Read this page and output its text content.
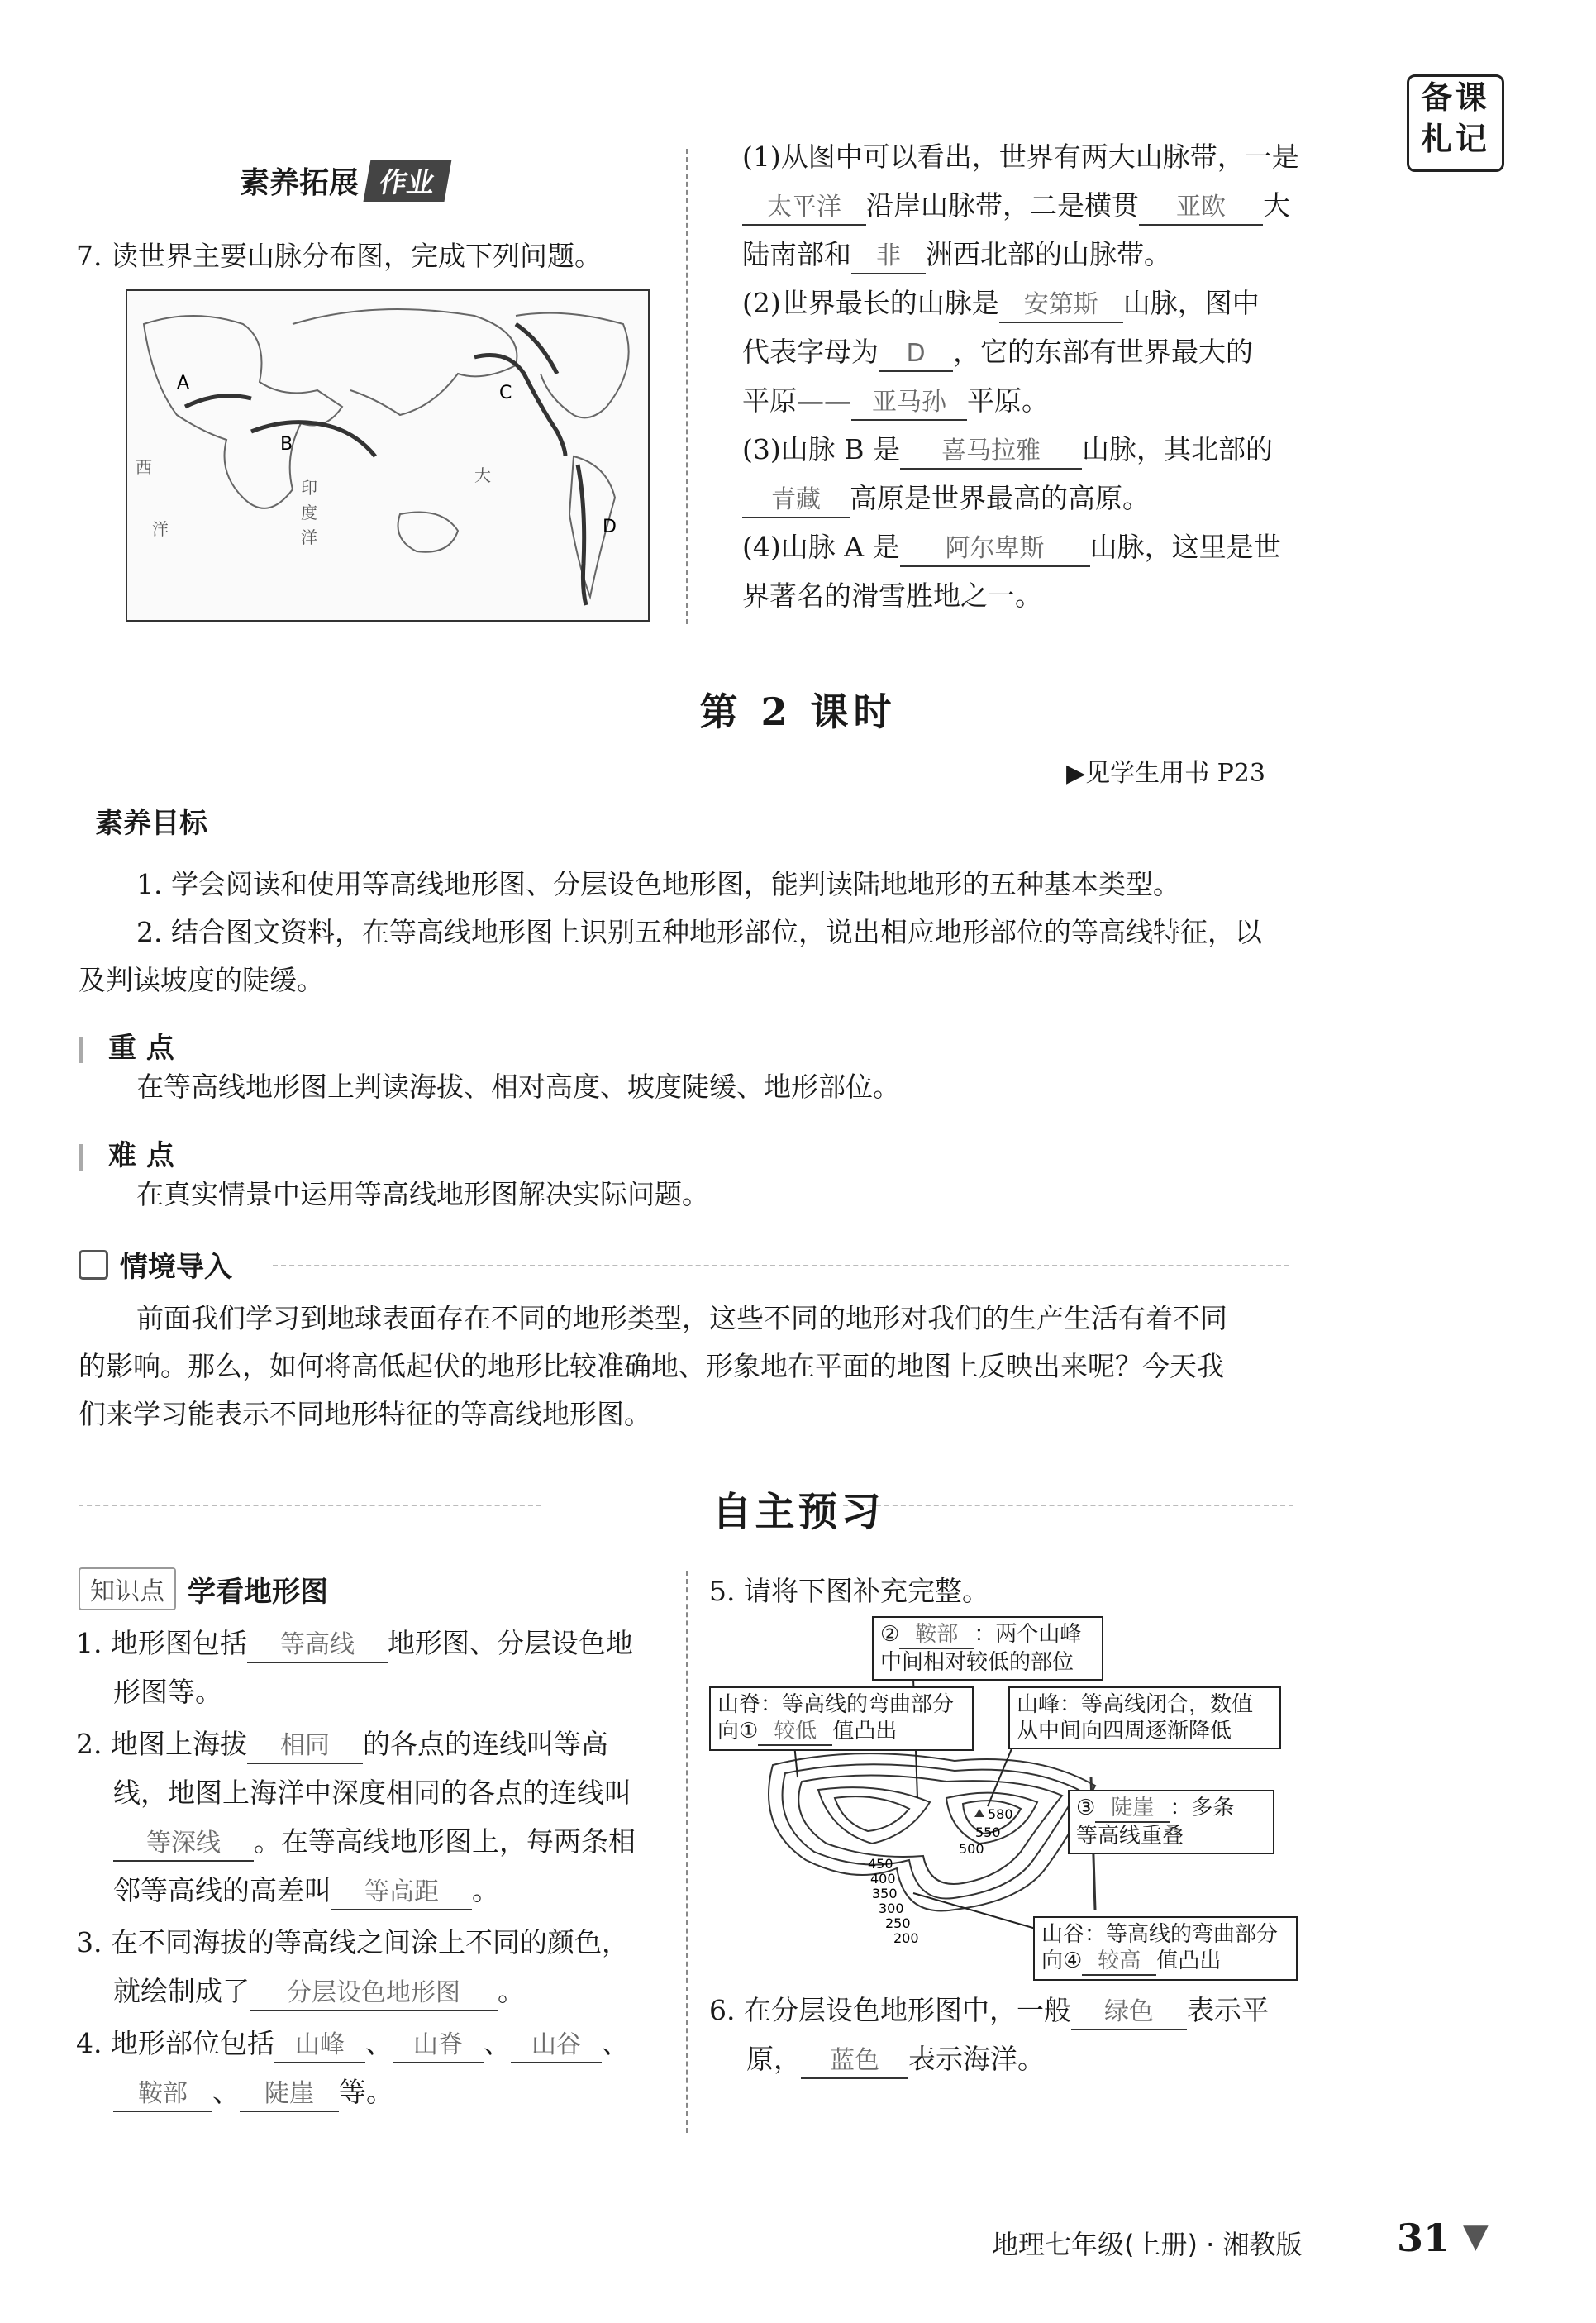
备课
札记
素养拓展 作业
7. 读世界主要山脉分布图，完成下列问题。
A
B
C
D
西
印
度
洋
大
洋
(1)从图中可以看出，世界有两大山脉带，一是
太平洋 沿岸山脉带，二是横贯 亚欧 大
陆南部和 非 洲西北部的山脉带。
(2)世界最长的山脉是 安第斯 山脉，图中
代表字母为 D ，它的东部有世界最大的
平原—— 亚马孙 平原。
(3)山脉 B 是 喜马拉雅 山脉，其北部的
青藏 高原是世界最高的高原。
(4)山脉 A 是 阿尔卑斯 山脉，这里是世
界著名的滑雪胜地之一。
第 2 课时
▶见学生用书 P23
素养目标
1. 学会阅读和使用等高线地形图、分层设色地形图，能判读陆地地形的五种基本类型。
2. 结合图文资料，在等高线地形图上识别五种地形部位，说出相应地形部位的等高线特征，以
及判读坡度的陡缓。
重 点
在等高线地形图上判读海拔、相对高度、坡度陡缓、地形部位。
难 点
在真实情景中运用等高线地形图解决实际问题。
情境导入
前面我们学习到地球表面存在不同的地形类型，这些不同的地形对我们的生产生活有着不同
的影响。那么，如何将高低起伏的地形比较准确地、形象地在平面的地图上反映出来呢？今天我
们来学习能表示不同地形特征的等高线地形图。
自主预习
知识点 学看地形图
1. 地形图包括 等高线 地形图、分层设色地
形图等。
2. 地图上海拔 相同 的各点的连线叫等高
线，地图上海洋中深度相同的各点的连线叫
等深线 。在等高线地形图上，每两条相
邻等高线的高差叫 等高距 。
3. 在不同海拔的等高线之间涂上不同的颜色，
就绘制成了 分层设色地形图 。
4. 地形部位包括 山峰 、 山脊 、 山谷 、
鞍部 、 陡崖 等。
5. 请将下图补充完整。
580
550
500
450
400
350
300
250
200
② 鞍部 ：两个山峰
中间相对较低的部位
山脊：等高线的弯曲部分
向① 较低 值凸出
山峰：等高线闭合，数值
从中间向四周逐渐降低
③ 陡崖 ：多条
等高线重叠
山谷：等高线的弯曲部分
向④ 较高 值凸出
6. 在分层设色地形图中，一般 绿色 表示平
原， 蓝色 表示海洋。
地理七年级(上册) · 湘教版 31 ▼
